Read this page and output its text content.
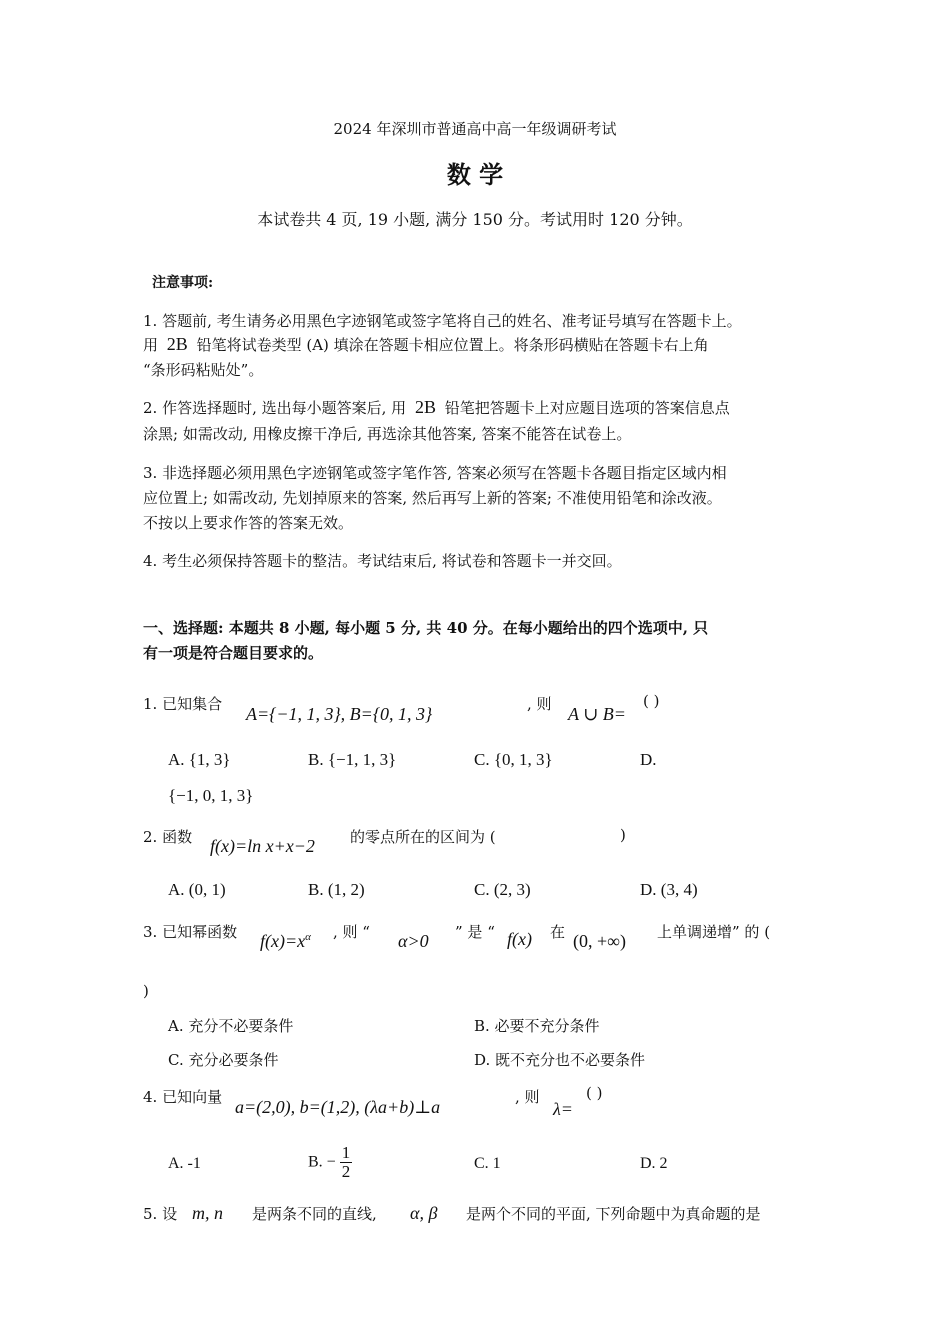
2024 年深圳市普通高中高一年级调研考试
数 学
本试卷共 4 页, 19 小题, 满分 150 分。考试用时 120 分钟。
注意事项:
1. 答题前, 考生请务必用黑色字迹钢笔或签字笔将自己的姓名、准考证号填写在答题卡上。
用 2B 铅笔将试卷类型 (A) 填涂在答题卡相应位置上。将条形码横贴在答题卡右上角
“条形码粘贴处”。
2. 作答选择题时, 选出每小题答案后, 用 2B 铅笔把答题卡上对应题目选项的答案信息点
涂黑; 如需改动, 用橡皮擦干净后, 再选涂其他答案, 答案不能答在试卷上。
3. 非选择题必须用黑色字迹钢笔或签字笔作答, 答案必须写在答题卡各题目指定区域内相
应位置上; 如需改动, 先划掉原来的答案, 然后再写上新的答案; 不准使用铅笔和涂改液。
不按以上要求作答的答案无效。
4. 考生必须保持答题卡的整洁。考试结束后, 将试卷和答题卡一并交回。
一、选择题: 本题共 8 小题, 每小题 5 分, 共 40 分。在每小题给出的四个选项中, 只
有一项是符合题目要求的。
1. 已知集合 A={−1, 1, 3}, B={0, 1, 3}	, 则 A ∪ B=
( )
A. {1, 3}	B. {−1, 1, 3}	C. {0, 1, 3}	D.
{−1, 0, 1, 3}
2. 函数 f(x)=ln x+x−2 的零点所在的区间为 (	)
A. (0, 1)	B. (1, 2)	C. (2, 3)	D. (3, 4)
3. 已知幂函数 $f(x)=x^\alpha$ , 则 “ α>0 ” 是 “ f(x) 在 (0, +∞) 上单调递增” 的 (
)
A. 充分不必要条件	B. 必要不充分条件
C. 充分必要条件	D. 既不充分也不必要条件
4. 已知向量 a=(2,0), b=(1,2), (λa+b)⊥a	, 则
λ=
( )
A. -1	B. − $\frac{1}{2}$	C. 1	D. 2
5. 设 m, n 是两条不同的直线, α, β 是两个不同的平面, 下列命题中为真命题的是
